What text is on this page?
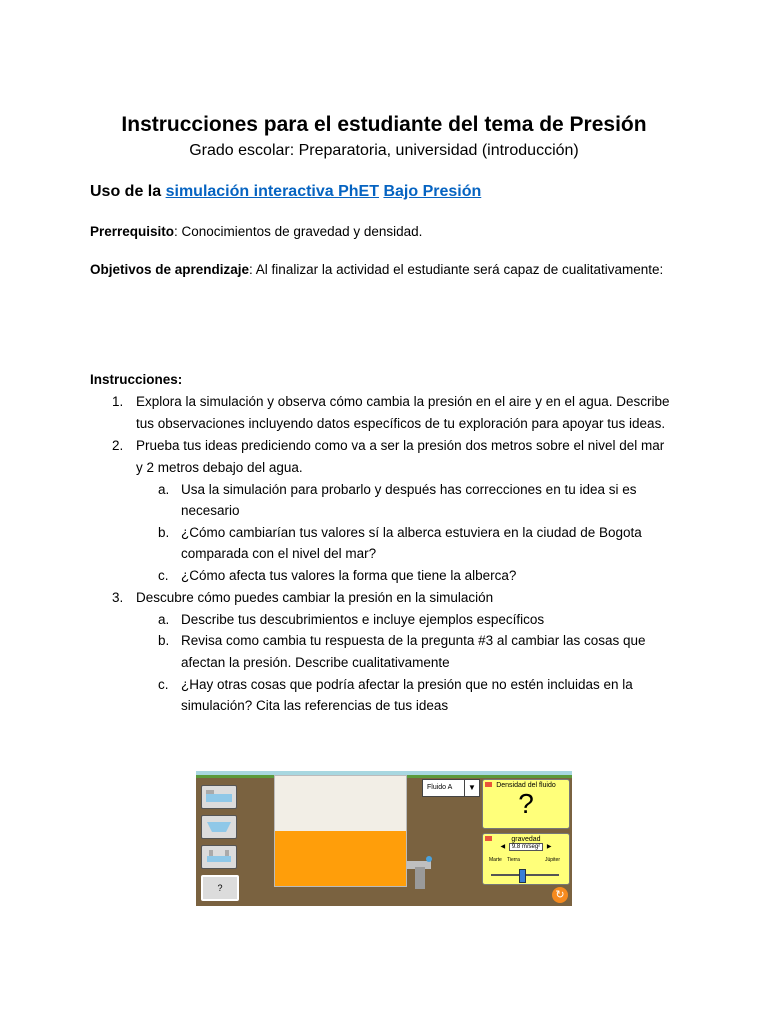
Instrucciones para el estudiante del tema de Presión
Grado escolar: Preparatoria, universidad (introducción)
Uso de la simulación interactiva PhET Bajo Presión
Prerrequisito: Conocimientos de gravedad y densidad.
Objetivos de aprendizaje: Al finalizar la actividad el estudiante será capaz de cualitativamente:
Instrucciones:
1. Explora la simulación y observa cómo cambia la presión en el aire y en el agua. Describe
tus observaciones incluyendo datos específicos de tu exploración para apoyar tus ideas.
2. Prueba tus ideas prediciendo como va a ser la presión dos metros sobre el nivel del mar
y 2 metros debajo del agua.
a. Usa la simulación para probarlo y después has correcciones en tu idea si es
necesario
b. ¿Cómo cambiarían tus valores sí la alberca estuviera en la ciudad de Bogota
comparada con el nivel del mar?
c. ¿Cómo afecta tus valores la forma que tiene la alberca?
3. Descubre cómo puedes cambiar la presión en la simulación
a. Describe tus descubrimientos e incluye ejemplos específicos
b. Revisa como cambia tu respuesta de la pregunta #3 al cambiar las cosas que
afectan la presión. Describe cualitativamente
c. ¿Hay otras cosas que podría afectar la presión que no estén incluidas en la
simulación? Cita las referencias de tus ideas
?
Fluido A	▼	Densidad del fluido
?
gravedad
◀ 9.8 m/seg² ▶
Marte Tierra	Júpiter
↻
